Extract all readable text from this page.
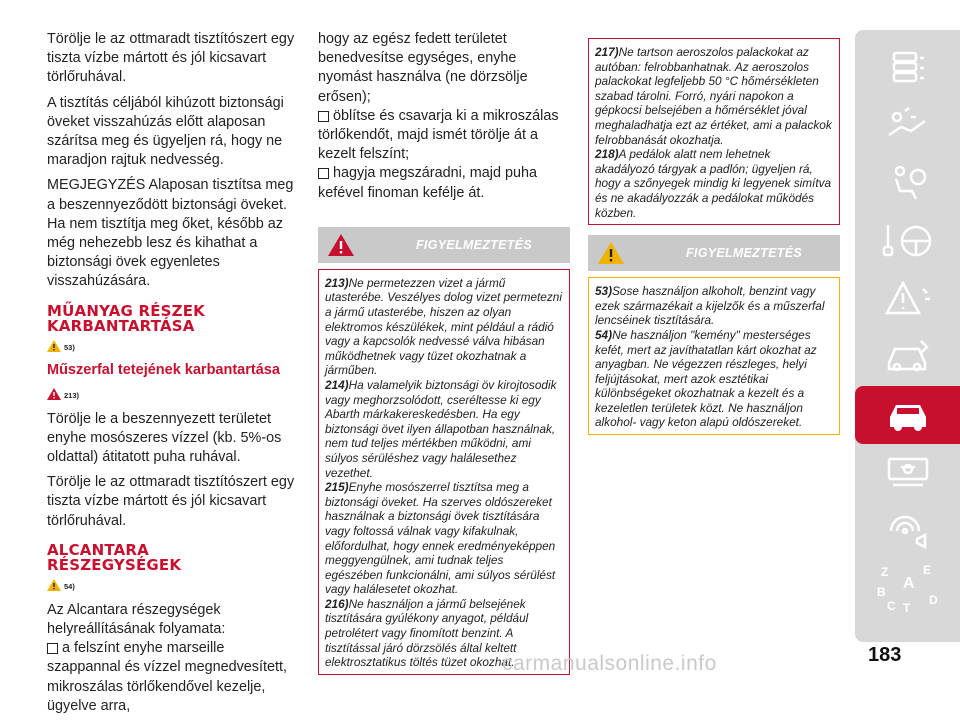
Törölje le az ottmaradt tisztítószert egy tiszta vízbe mártott és jól kicsavart törlőruhával.

A tisztítás céljából kihúzott biztonsági öveket visszahúzás előtt alaposan szárítsa meg és ügyeljen rá, hogy ne maradjon rajtuk nedvesség.

MEGJEGYZÉS Alaposan tisztítsa meg a beszennyeződött biztonsági öveket. Ha nem tisztítja meg őket, később az még nehezebb lesz és kihathat a biztonsági övek egyenletes visszahúzására.

MŰANYAG RÉSZEK
KARBANTARTÁSA
53)
Műszerfal tetejének karbantartása
213)

Törölje le a beszennyezett területet enyhe mosószeres vízzel (kb. 5%-os oldattal) átitatott puha ruhával.

Törölje le az ottmaradt tisztítószert egy tiszta vízbe mártott és jól kicsavart törlőruhával.

ALCANTARA
RÉSZEGYSÉGEK
54)

Az Alcantara részegységek helyreállításának folyamata:

a felszínt enyhe marseille szappannal és vízzel megnedvesített, mikroszálas törlőkendővel kezelje, ügyelve arra,

hogy az egész fedett területet benedvesítse egységes, enyhe nyomást használva (ne dörzsölje erősen);

öblítse és csavarja ki a mikroszálas törlőkendőt, majd ismét törölje át a kezelt felszínt;

hagyja megszáradni, majd puha kefével finoman kefélje át.

FIGYELMEZTETÉS
213)Ne permetezzen vizet a jármű utasterébe. Veszélyes dolog vizet permetezni a jármű utasterébe, hiszen az olyan elektromos készülékek, mint például a rádió vagy a kapcsolók nedvessé válva hibásan működhetnek vagy tüzet okozhatnak a járműben.
214)Ha valamelyik biztonsági öv kirojtosodik vagy meghorzsolódott, cseréltesse ki egy Abarth márkakereskedésben. Ha egy biztonsági övet ilyen állapotban használnak, nem tud teljes mértékben működni, ami súlyos sérüléshez vagy halálesethez vezethet.
215)Enyhe mosószerrel tisztítsa meg a biztonsági öveket. Ha szerves oldószereket használnak a biztonsági övek tisztítására vagy foltossá válnak vagy kifakulnak, előfordulhat, hogy ennek eredményeképpen meggyengülnek, ami tudnak teljes egészében funkcionálni, ami súlyos sérülést vagy halálesetet okozhat.
216)Ne használjon a jármű belsejének tisztítására gyúlékony anyagot, például petrolétert vagy finomított benzint. A tisztítással járó dörzsölés által keltett elektrosztatikus töltés tüzet okozhat.
217)Ne tartson aeroszolos palackokat az autóban: felrobbanhatnak. Az aeroszolos palackokat legfeljebb 50 °C hőmérsékleten szabad tárolni. Forró, nyári napokon a gépkocsi belsejében a hőmérséklet jóval meghaladhatja ezt az értéket, ami a palackok felrobbanását okozhatja.
218)A pedálok alatt nem lehetnek akadályozó tárgyak a padlón; ügyeljen rá, hogy a szőnyegek mindig ki legyenek simítva és ne akadályozzák a pedálokat működés közben.
FIGYELMEZTETÉS
53)Sose használjon alkoholt, benzint vagy ezek származékait a kijelzők és a műszerfal lencséinek tisztítására.
54)Ne használjon "kemény" mesterséges kefét, mert az javíthatatlan kárt okozhat az anyagban. Ne végezzen részleges, helyi feljújtásokat, mert azok esztétikai különbségeket okozhatnak a kezelt és a kezeletlen területek közt. Ne használjon alkohol- vagy keton alapú oldószereket.
Z	E
A
B
C T
D
183
carmanualsonline.info
